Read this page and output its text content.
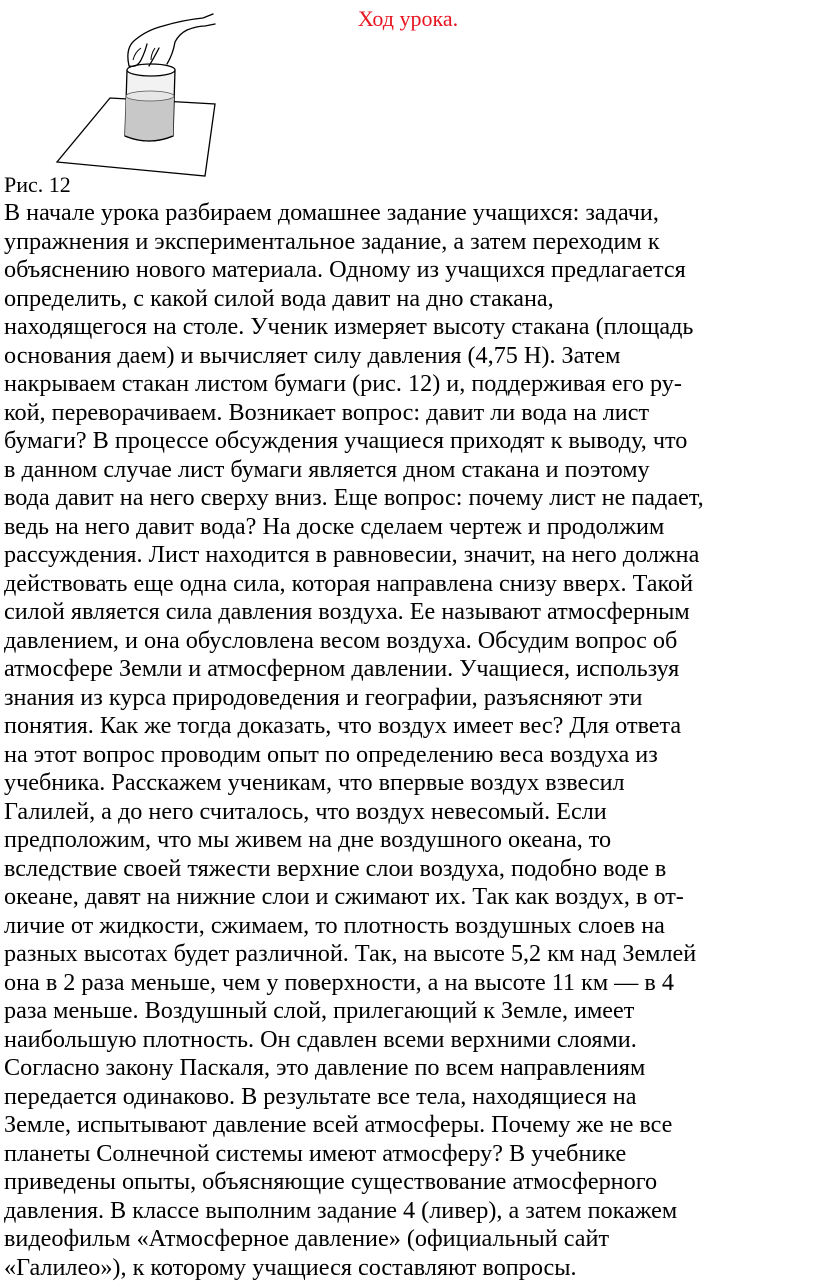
Ход урока.
Рис. 12
В начале урока разбираем домашнее задание учащихся: задачи,
упражнения и экспериментальное задание, а затем переходим к
объяснению нового материала. Одному из учащихся предлагается
определить, с какой силой вода давит на дно стакана,
находящегося на столе. Ученик измеряет высоту стакана (площадь
основания даем) и вычисляет силу давления (4,75 Н). Затем
накрываем стакан листом бумаги (рис. 12) и, поддерживая его ру-
кой, переворачиваем. Возникает вопрос: давит ли вода на лист
бумаги? В процессе обсуждения учащиеся приходят к выводу, что
в данном случае лист бумаги является дном стакана и поэтому
вода давит на него сверху вниз. Еще вопрос: почему лист не падает,
ведь на него давит вода? На доске сделаем чертеж и продолжим
рассуждения. Лист находится в равновесии, значит, на него должна
действовать еще одна сила, которая направлена снизу вверх. Такой
силой является сила давления воздуха. Ее называют атмосферным
давлением, и она обусловлена весом воздуха. Обсудим вопрос об
атмосфере Земли и атмосферном давлении. Учащиеся, используя
знания из курса природоведения и географии, разъясняют эти
понятия. Как же тогда доказать, что воздух имеет вес? Для ответа
на этот вопрос проводим опыт по определению веса воздуха из
учебника. Расскажем ученикам, что впервые воздух взвесил
Галилей, а до него считалось, что воздух невесомый. Если
предположим, что мы живем на дне воздушного океана, то
вследствие своей тяжести верхние слои воздуха, подобно воде в
океане, давят на нижние слои и сжимают их. Так как воздух, в от-
личие от жидкости, сжимаем, то плотность воздушных слоев на
разных высотах будет различной. Так, на высоте 5,2 км над Землей
она в 2 раза меньше, чем у поверхности, а на высоте 11 км — в 4
раза меньше. Воздушный слой, прилегающий к Земле, имеет
наибольшую плотность. Он сдавлен всеми верхними слоями.
Согласно закону Паскаля, это давление по всем направлениям
передается одинаково. В результате все тела, находящиеся на
Земле, испытывают давление всей атмосферы. Почему же не все
планеты Солнечной системы имеют атмосферу? В учебнике
приведены опыты, объясняющие существование атмосферного
давления. В классе выполним задание 4 (ливер), а затем покажем
видеофильм «Атмосферное давление» (официальный сайт
«Галилео»), к которому учащиеся составляют вопросы.
